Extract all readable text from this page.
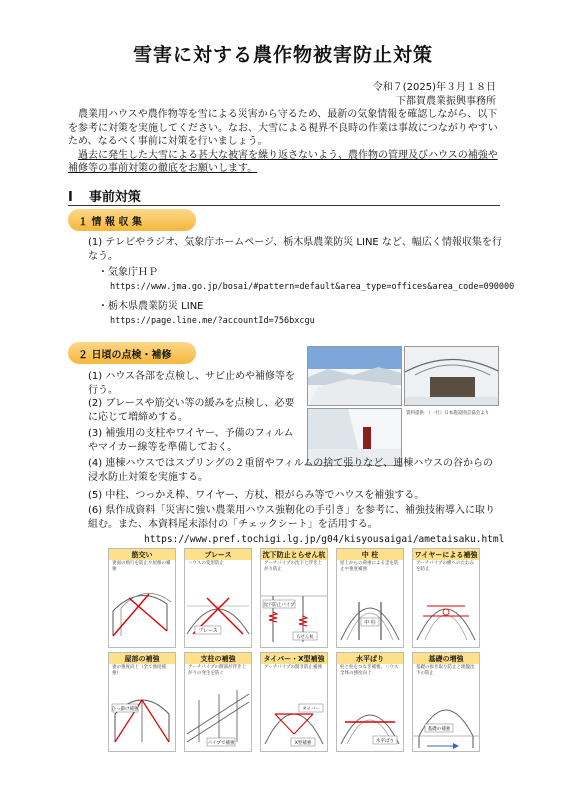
雪害に対する農作物被害防止対策
令和７(2025)年３月１８日
下都賀農業振興事務所

農業用ハウスや農作物等を雪による災害から守るため、最新の気象情報を確認しながら、以下を参考に対策を実施してください。なお、大雪による視界不良時の作業は事故につながりやすいため、なるべく事前に対策を行いましょう。

過去に発生した大雪による甚大な被害を繰り返さないよう、農作物の管理及びハウスの補強や補修等の事前対策の徹底をお願いします。

Ⅰ 事前対策
１ 情 報 収 集
(1) テレビやラジオ、気象庁ホームページ、栃木県農業防災 LINE など、幅広く情報収集を行なう。
・気象庁ＨＰ
https://www.jma.go.jp/bosai/#pattern=default&area_type=offices&area_code=090000
・栃木県農業防災 LINE
https://page.line.me/?accountId=756bxcgu
２ 日頃の点検・補修
資料提供：（一社）日本施設園芸協会より
(1) ハウス各部を点検し、サビ止めや補修等を行う。
(2) ブレースや筋交い等の緩みを点検し、必要に応じて増締めする。
(3) 補強用の支柱やワイヤー、予備のフィルムやマイカー線等を準備しておく。
(4) 連棟ハウスではスプリングの２重留やフィルムの捨て張りなど、連棟ハウスの谷からの浸水防止対策を実施する。
(5) 中柱、つっかえ棒、ワイヤー、方杖、根がらみ等でハウスを補強する。
(6) 県作成資料「災害に強い農業用ハウス強靭化の手引き」を参考に、補強技術導入に取り組む。また、本資料尾末添付の「チェックシート」を活用する。
https://www.pref.tochigi.lg.jp/g04/kisyousaigai/ametaisaku.html
筋交い
妻面の飛行を防止や屋根の補強
ブレース
ハウスの変形防止
ブレース
沈下防止とらせん杭
アーチパイプの沈下と浮き上がり防止
沈下防止パイプ
らせん杭
中 柱
屋上からの荷重による歪を防止や強度補強
中 柱
ワイヤーによる補強
アーチパイプの横へのたわみを防止
屋部の補強
妻の強度向上（全て強度補強）
ひっ掛け補強
支柱の補強
アーチパイプの側部が浮き上がりの発生を防ぐ
パイプで補強
タイバー・X型補強
アーチパイプの開き防止補強
タイバー
X型補強
水平ばり
柱と柱をつなぎ補強、ハウス全体の強度向上
水平ばり
基礎の増強
基礎の抜き取り防止と地盤沈下の防止
基礎の補強
